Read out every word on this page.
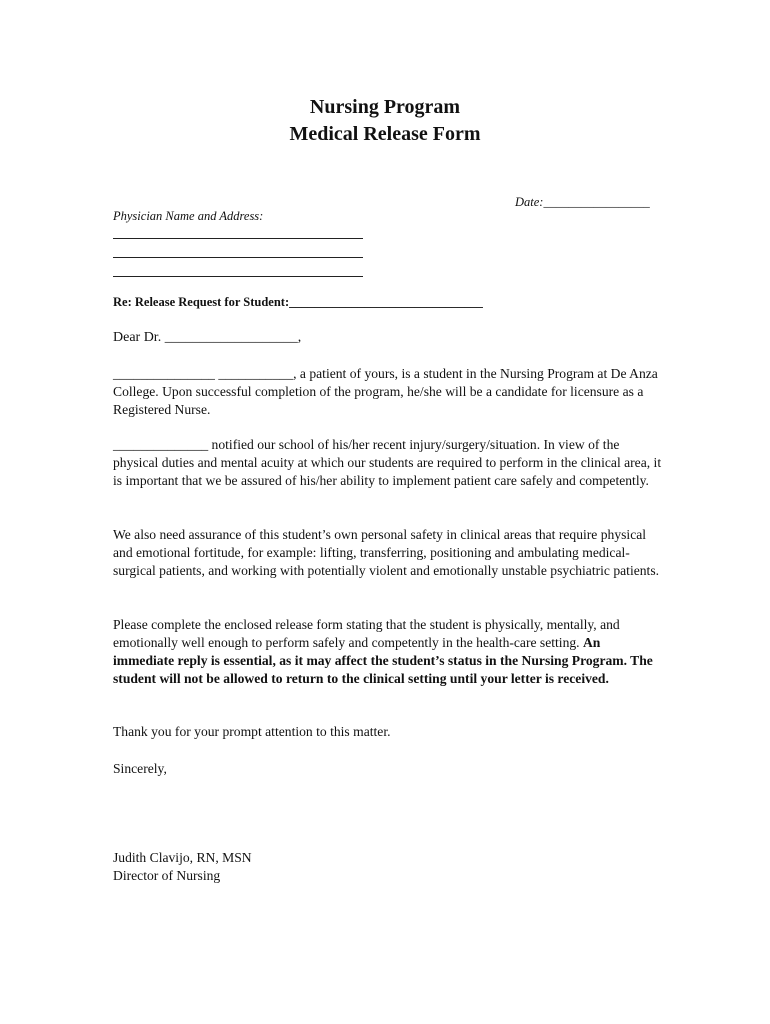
Nursing Program
Medical Release Form
Date:_________________
Physician Name and Address:
Re: Release Request for Student:_______________________________

Dear Dr. ___________________,

_______________ ___________, a patient of yours, is a student in the Nursing Program at De Anza College. Upon successful completion of the program, he/she will be a candidate for licensure as a Registered Nurse.

______________ notified our school of his/her recent injury/surgery/situation. In view of the physical duties and mental acuity at which our students are required to perform in the clinical area, it is important that we be assured of his/her ability to implement patient care safely and competently.

We also need assurance of this student’s own personal safety in clinical areas that require physical and emotional fortitude, for example: lifting, transferring, positioning and ambulating medical-surgical patients, and working with potentially violent and emotionally unstable psychiatric patients.

Please complete the enclosed release form stating that the student is physically, mentally, and emotionally well enough to perform safely and competently in the health-care setting. An immediate reply is essential, as it may affect the student’s status in the Nursing Program. The student will not be allowed to return to the clinical setting until your letter is received.

Thank you for your prompt attention to this matter.

Sincerely,

Judith Clavijo, RN, MSN

Director of Nursing
